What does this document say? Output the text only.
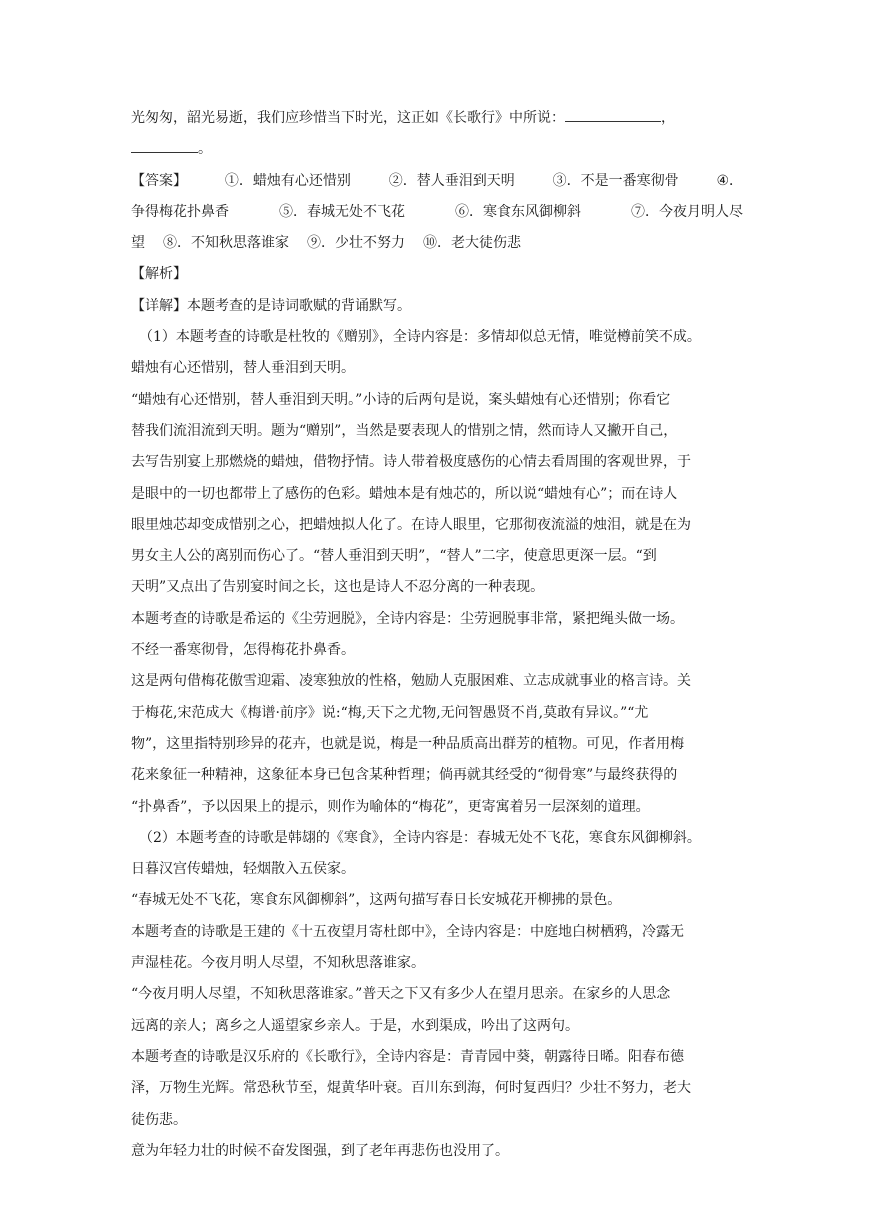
光匆匆，韶光易逝，我们应珍惜当下时光，这正如《长歌行》中所说：	，
。
【答案】	①．蜡烛有心还惜别	②．替人垂泪到天明	③．不是一番寒彻骨	④．
争得梅花扑鼻香	⑤．春城无处不飞花	⑥．寒食东风御柳斜	⑦．今夜月明人尽
望 ⑧．不知秋思落谁家 ⑨．少壮不努力 ⑩．老大徒伤悲
【解析】
【详解】本题考查的是诗词歌赋的背诵默写。
（1）本题考查的诗歌是杜牧的《赠别》，全诗内容是：多情却似总无情，唯觉樽前笑不成。
蜡烛有心还惜别，替人垂泪到天明。
“蜡烛有心还惜别，替人垂泪到天明。”小诗的后两句是说，案头蜡烛有心还惜别；你看它
替我们流泪流到天明。题为“赠别”，当然是要表现人的惜别之情，然而诗人又撇开自己，
去写告别宴上那燃烧的蜡烛，借物抒情。诗人带着极度感伤的心情去看周围的客观世界，于
是眼中的一切也都带上了感伤的色彩。蜡烛本是有烛芯的，所以说“蜡烛有心”；而在诗人
眼里烛芯却变成惜别之心，把蜡烛拟人化了。在诗人眼里，它那彻夜流溢的烛泪，就是在为
男女主人公的离别而伤心了。“替人垂泪到天明”，“替人”二字，使意思更深一层。“到
天明”又点出了告别宴时间之长，这也是诗人不忍分离的一种表现。
本题考查的诗歌是希运的《尘劳迥脱》，全诗内容是：尘劳迥脱事非常，紧把绳头做一场。
不经一番寒彻骨，怎得梅花扑鼻香。
这是两句借梅花傲雪迎霜、凌寒独放的性格，勉励人克服困难、立志成就事业的格言诗。关
于梅花,宋范成大《梅谱·前序》说:“梅,天下之尤物,无问智愚贤不肖,莫敢有异议。”“尤
物”，这里指特别珍异的花卉，也就是说，梅是一种品质高出群芳的植物。可见，作者用梅
花来象征一种精神，这象征本身已包含某种哲理；倘再就其经受的“彻骨寒”与最终获得的
“扑鼻香”，予以因果上的提示，则作为喻体的“梅花”，更寄寓着另一层深刻的道理。
（2）本题考查的诗歌是韩翃的《寒食》，全诗内容是：春城无处不飞花，寒食东风御柳斜。
日暮汉宫传蜡烛，轻烟散入五侯家。
“春城无处不飞花，寒食东风御柳斜”，这两句描写春日长安城花开柳拂的景色。
本题考查的诗歌是王建的《十五夜望月寄杜郎中》，全诗内容是：中庭地白树栖鸦，冷露无
声湿桂花。今夜月明人尽望，不知秋思落谁家。
“今夜月明人尽望，不知秋思落谁家。”普天之下又有多少人在望月思亲。在家乡的人思念
远离的亲人；离乡之人遥望家乡亲人。于是，水到渠成，吟出了这两句。
本题考查的诗歌是汉乐府的《长歌行》，全诗内容是：青青园中葵，朝露待日晞。阳春布德
泽，万物生光辉。常恐秋节至，焜黄华叶衰。百川东到海，何时复西归？少壮不努力，老大
徒伤悲。
意为年轻力壮的时候不奋发图强，到了老年再悲伤也没用了。
